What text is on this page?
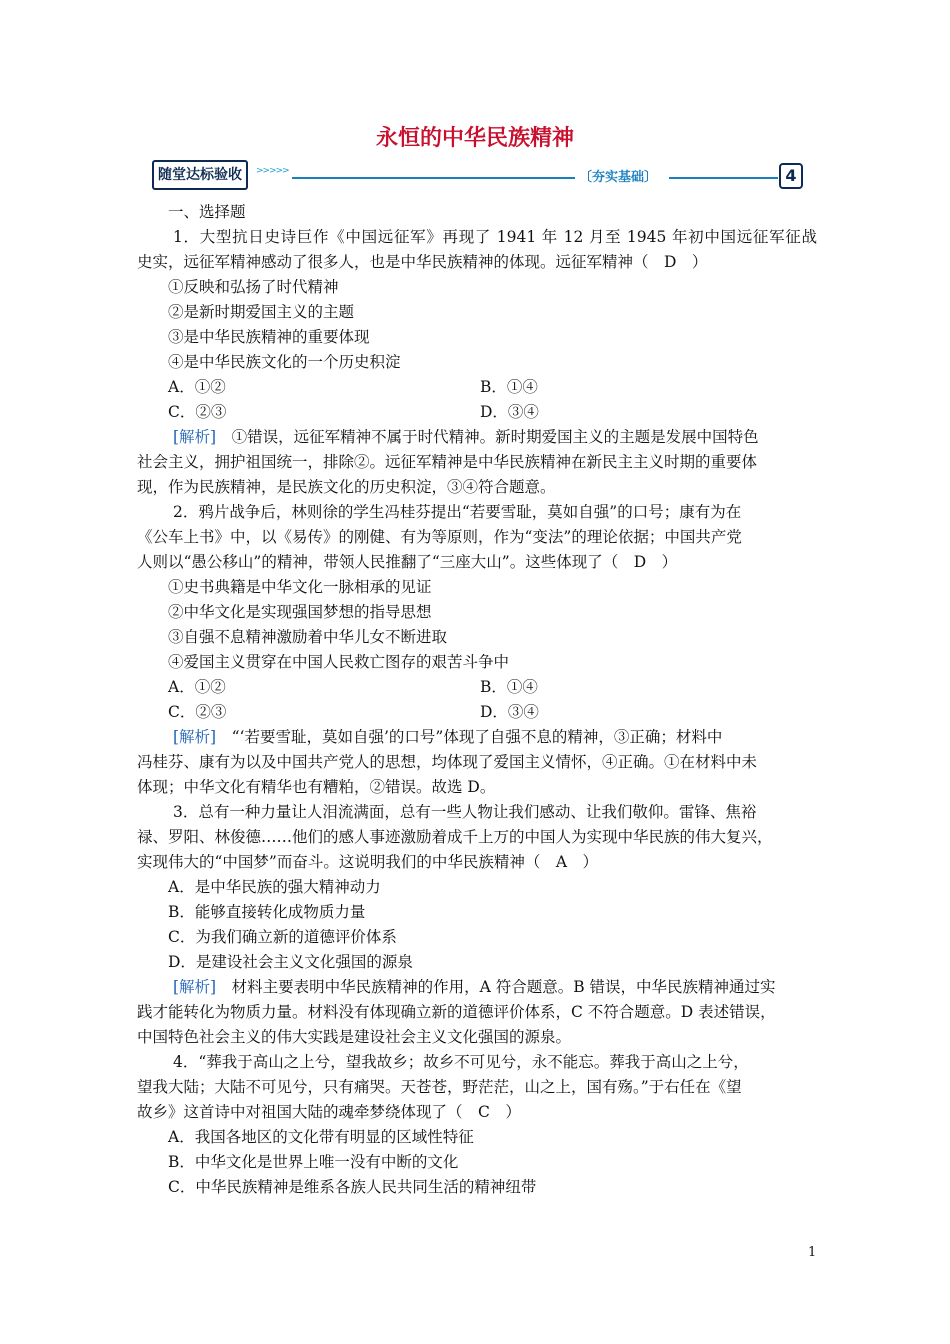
永恒的中华民族精神
随堂达标验收	>>>>>	〔夯实基础〕	4
一、选择题
1．大型抗日史诗巨作《中国远征军》再现了 1941 年 12 月至 1945 年初中国远征军征战
史实，远征军精神感动了很多人，也是中华民族精神的体现。远征军精神（　D　）
①反映和弘扬了时代精神
②是新时期爱国主义的主题
③是中华民族精神的重要体现
④是中华民族文化的一个历史积淀
A．①②	B．①④
C．②③	D．③④
[解析]　①错误，远征军精神不属于时代精神。新时期爱国主义的主题是发展中国特色
社会主义，拥护祖国统一，排除②。远征军精神是中华民族精神在新民主主义时期的重要体
现，作为民族精神，是民族文化的历史积淀，③④符合题意。
2．鸦片战争后，林则徐的学生冯桂芬提出“若要雪耻，莫如自强”的口号；康有为在
《公车上书》中，以《易传》的刚健、有为等原则，作为“变法”的理论依据；中国共产党
人则以“愚公移山”的精神，带领人民推翻了“三座大山”。这些体现了（　D　）
①史书典籍是中华文化一脉相承的见证
②中华文化是实现强国梦想的指导思想
③自强不息精神激励着中华儿女不断进取
④爱国主义贯穿在中国人民救亡图存的艰苦斗争中
A．①②	B．①④
C．②③	D．③④
[解析]　“‘若要雪耻，莫如自强’的口号”体现了自强不息的精神，③正确；材料中
冯桂芬、康有为以及中国共产党人的思想，均体现了爱国主义情怀，④正确。①在材料中未
体现；中华文化有精华也有糟粕，②错误。故选 D。
3．总有一种力量让人泪流满面，总有一些人物让我们感动、让我们敬仰。雷锋、焦裕
禄、罗阳、林俊德……他们的感人事迹激励着成千上万的中国人为实现中华民族的伟大复兴，
实现伟大的“中国梦”而奋斗。这说明我们的中华民族精神（　A　）
A．是中华民族的强大精神动力
B．能够直接转化成物质力量
C．为我们确立新的道德评价体系
D．是建设社会主义文化强国的源泉
[解析]　材料主要表明中华民族精神的作用，A 符合题意。B 错误，中华民族精神通过实
践才能转化为物质力量。材料没有体现确立新的道德评价体系，C 不符合题意。D 表述错误，
中国特色社会主义的伟大实践是建设社会主义文化强国的源泉。
4．“葬我于高山之上兮，望我故乡；故乡不可见兮，永不能忘。葬我于高山之上兮，
望我大陆；大陆不可见兮，只有痛哭。天苍苍，野茫茫，山之上，国有殇。”于右任在《望
故乡》这首诗中对祖国大陆的魂牵梦绕体现了（　C　）
A．我国各地区的文化带有明显的区域性特征
B．中华文化是世界上唯一没有中断的文化
C．中华民族精神是维系各族人民共同生活的精神纽带
1
